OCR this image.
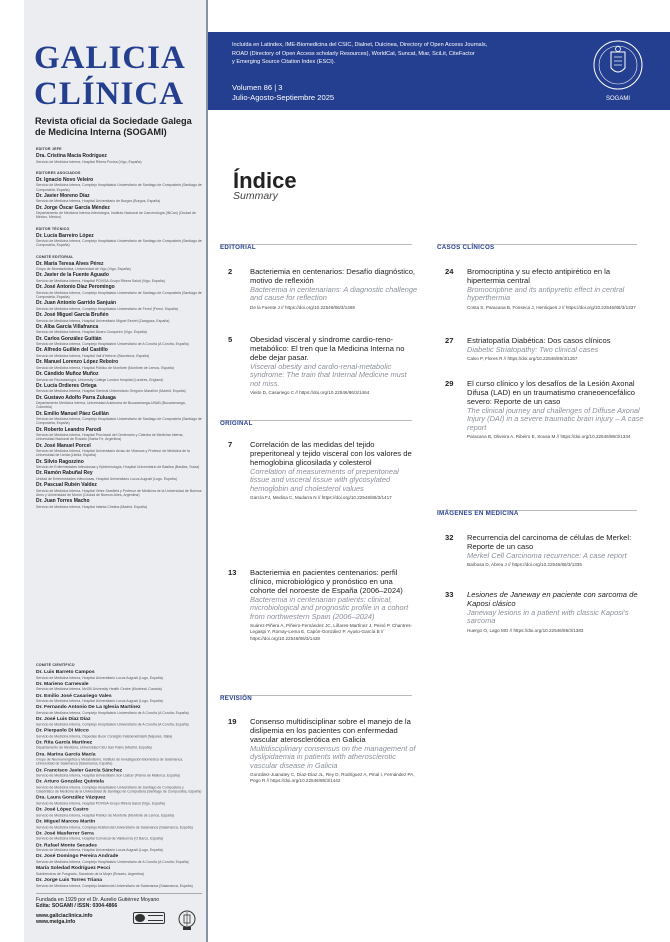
GALICIA
CLÍNICA
Revista oficial da Sociedade Galega
de Medicina Interna (SOGAMI)
EDITOR JEFE
Dra. Cristina Macía Rodríguez
Servicio de Medicina Interna, Hospital Ribera Povisa (Vigo, España)
EDITORES ASOCIADOS
Dr. Ignacio Novo Veleiro
Servicio de Medicina Interna, Complejo Hospitalario Universitario de Santiago de Compostela (Santiago de Compostela, España)
Dr. Javier Moreno Díaz
Servicio de Medicina Interna, Hospital Universitario de Burgos (Burgos, España)
Dr. Jorge Óscar García Méndez
Departamento de Medicina Interna-Infectología, Instituto Nacional de Cancerología (INCan) (Ciudad de México, México)
EDITOR TÉCNICO
Dr. Lucía Barreiro López
Servicio de Medicina Interna, Complejo Hospitalario Universitario de Santiago de Compostela (Santiago de Compostela, España)
COMITÉ EDITORIAL
Dr. María Teresa Alves Pérez
Grupo de Bioestadística, Universidad de Vigo (Vigo, España)
Dr. Javier de la Fuente Aguado
Servicio de Medicina Interna, Hospital POVISA-Grupo Ribera Salud (Vigo, España)
Dr. José Antonio Díaz Peromingo
Servicio de Medicina Interna, Complejo Hospitalario Universitario de Santiago de Compostela (Santiago de Compostela, España)
Dr. Juan Antonio Garrido Sanjuán
Servicio de Medicina Interna, Complejo Hospitalario Universitario de Ferrol (Ferrol, España)
Dr. José Miguel García Bruñén
Servicio de Medicina Interna, Hospital Universitario Miguel Servet (Zaragoza, España)
Dr. Alba García Villafranca
Servicio de Medicina Interna, Hospital Álvaro Cunqueiro (Vigo, España)
Dr. Carlos González Guitián
Servicio de Medicina Interna, Complejo Hospitalario Universitario de A Coruña (A Coruña, España)
Dr. Alfredo Guillén del Castillo
Servicio de Medicina Interna, Hospital Vall d'Hebron (Barcelona, España)
Dr. Manuel Lorenzo López Reboiro
Servicio de Medicina Interna, Hospital Público de Monforte (Monforte de Lemos, España)
Dr. Cándido Muñoz Muñoz
Servicio de Reumatología, University College London Hospital (Londres, England)
Dr. Lucía Ordieres Ortega
Servicio de Medicina Interna, Hospital General Universitario Gregorio Marañón (Madrid, España)
Dr. Gustavo Adolfo Parra Zuluaga
Departamento Medicina Interna, Universidad Autónoma de Bucaramanga-UNAB (Bucaramanga, Colombia)
Dr. Emilio Manuel Páez Guillán
Servicio de Medicina Interna, Complejo Hospitalario Universitario de Santiago de Compostela (Santiago de Compostela, España)
Dr. Roberto Leandro Parodi
Servicio de Medicina Interna, Hospital Provincial del Centenario y Cátedra de Medicina Interna, Universidad Nacional de Rosario (Santa Fe, Argentina)
Dr. José Manuel Porcel
Servicio de Medicina Interna, Hospital Universitario Arnau de Vilanova y Profesor de Medicina de la Universidad de Lleida (Lleida, España)
Dr. Silvio Ragozzino
Servicio de Enfermedades Infecciosas y Epidemiología, Hospital Universitario de Basilea (Basilea, Suiza)
Dr. Ramón Rabuñal Rey
Unidad de Enfermedades Infecciosas, Hospital Universitario Lucus Augusti (Lugo, España)
Dr. Pascual Rubén Valdez
Servicio de Medicina Interna, Hospital Vélez Sarsfield y Profesor de Medicina de la Universidad de Buenos Aires y Universidad de Morón (Ciudad de Buenos Aires, Argentina)
Dr. Juan Torres Macho
Servicio de Medicina Interna, Hospital Infanta Cristina (Madrid, España)
COMITÉ CIENTÍFICO
Dr. Luis Barreto Campos
Servicio de Medicina Interna, Hospital Universitario Lucus Augusti (Lugo, España)
Dr. Marieno Carnevale
Servicio de Medicina Interna, McGill University Health Centre (Montreal, Canada)
Dr. Emilio José Casariego Vales
Servicio de Medicina Interna, Hospital Universitario Lucus Augusti (Lugo, España)
Dr. Fernando Antonio De La Iglesia Martínez
Servicio de Medicina Interna, Complejo Hospitalario Universitario de A Coruña (A Coruña, España)
Dr. José Luis Díaz Díaz
Servicio de Medicina Interna, Complejo Hospitalario Universitario de A Coruña (A Coruña, España)
Dr. Pierpaolo Di Micco
Servicio de Medicina Interna, Ospedale Buon Consiglio Fatebenefratelli (Nápoles, Italia)
Dr. Rita García Martínez
Departamento de Medicina, Universidad CEU San Pablo (Madrid, España)
Dra. Marina García Macía
Grupo de Neuroenergética y Metabolismo, Instituto de Investigación Biomédica de Salamanca, Universidad de Salamanca (Salamanca, España)
Dr. Francisco Javier García Sánchez
Servicio de Medicina Interna, Hospital Universitario Son Llàtzer (Palma de Mallorca, España)
Dr. Arturo González Quintela
Servicio de Medicina Interna, Complejo Hospitalario Universitario de Santiago de Compostela y Catedrático de Medicina de la Universidad de Santiago de Compostela (Santiago de Compostela, España)
Dra. Laura González Vázquez
Servicio de Medicina Interna, Hospital POVISA-Grupo Ribera Salud (Vigo, España)
Dr. José López Castro
Servicio de Medicina Interna, Hospital Público de Monforte (Monforte de Lemos, España)
Dr. Miguel Marcos Martín
Servicio de Medicina Interna, Complejo Asistencial Universitario de Salamanca (Salamanca, España)
Dr. José Masferrer Serra
Servicio de Medicina Interna, Hospital Comarcal de Valdeorras (O Barco, España)
Dr. Rafael Monte Secades
Servicio de Medicina Interna, Hospital Universitario Lucus Augusti (Lugo, España)
Dr. José Domingo Pereira Andrade
Servicio de Medicina Interna, Complejo Hospitalario Universitario de A Coruña (A Coruña, España)
María Soledad Rodríguez Pecci
Subdirectora de Posgrado, Sanatorio de la Mujer (Rosario, Argentina)
Dr. Jorge Luis Torres Triana
Servicio de Medicina Interna, Complejo Asistencial Universitario de Salamanca (Salamanca, España)
Fundada en 1929 por el Dr. Aurelio Gutiérrez Moyano
Edita: SOGAMI / ISSN: 0304-4866
www.galiciaclinica.info
www.meiga.info
Incluída en Latindex, IME-Biomedicina del CSIC, Dialnet, Dulcinea, Directory of Open Access Journals,
ROAD (Directory of Open Access scholarly Resources), WorldCat, Suncat, Miar, SciLit, CiteFactor
y Emerging Source Citation Index (ESCI).
Volumen 86 | 3
Julio-Agosto-Septiembre 2025	SOGAMI
Índice
Summary
EDITORIAL
2	Bacteriemia en centenarios: Desafío diagnóstico, motivo de reflexión
Bacteremia in centenarians: A diagnostic challenge and cause for reflection
De la Fuente J // https://doi.org/10.22546/86/3/1469
5	Obesidad visceral y síndrome cardio-reno-metabólico: El tren que la Medicina Interna no debe dejar pasar.
Visceral obesity and cardio-renal-metabolic syndrome: The train that Internal Medicine must not miss.
Vieito D, Casariego C // https://doi.org/10.22546/86/3/1464
ORIGINAL
7	Correlación de las medidas del tejido preperitoneal y tejido visceral con los valores de hemoglobina glicosilada y colesterol
Correlation of measurements of preperitoneal tissue and visceral tissue with glycosylated hemoglobin and cholesterol values
García FJ, Medina C, Mudarra N // https://doi.org/10.22546/86/3/1417
13	Bacteriemia en pacientes centenarios: perfil clínico, microbiológico y pronóstico en una cohorte del noroeste de España (2006–2024)
Bacteremia in centenarian patients: clinical, microbiological and prognostic profile in a cohort from northwestern Spain (2006–2024)
Suárez-Piñera A, Piñeiro-Fernández JC, Liñares-Martínez J, Peinó P, Chantres-Legaspi Y, Romay-Lema E, Capón-González P, Ayuso-García B // https://doi.org/10.22546/86/3/1438
REVISIÓN
19	Consenso multidisciplinar sobre el manejo de la dislipemia en los pacientes con enfermedad vascular aterosclerótica en Galicia
Multidisciplinary consensus on the management of dyslipidaemia in patients with atherosclerotic vascular disease in Galicia
González-Juanatey C, Díaz-Díaz JL, Rey D, Rodríguez A, Pinal I, Fernández PA, Pego R // https://doi.org/10.22546/86/3/1442
CASOS CLÍNICOS
24	Bromocriptina y su efecto antipirético en la hipertermia central
Bromocriptine and its antipyretic effect in central hyperthermia
Costa S, Paracana B, Fonseca J, Henriques J // https://doi.org/10.22546/86/3/1337
27	Estriatopatía Diabética: Dos casos clínicos
Diabetic Striatopathy: Two clinical cases
Calvo P, Flores R // https://doi.org/10.22546/86/3/1257
29	El curso clínico y los desafíos de la Lesión Axonal Difusa (LAD) en un traumatismo craneoencefálico severo: Reporte de un caso
The clinical journey and challenges of Diffuse Axonal Injury (DAI) in a severe traumatic brain injury – A case report
Paracana B, Oliveira A, Ribeiro E, Sousa M // https://doi.org/10.22546/86/3/1334
IMÁGENES EN MEDICINA
32	Recurrencia del carcinoma de células de Merkel: Reporte de un caso
Merkel Cell Carcinoma recurrence: A case report
Barbosa D, Abreu J // https://doi.org/10.22546/86/3/1335
33	Lesiones de Janeway en paciente con sarcoma de Kaposi clásico
Janeway lesions in a patient with classic Kaposi's sarcoma
Huergo O, Lago MO // https://doi.org/10.22546/86/3/1383
